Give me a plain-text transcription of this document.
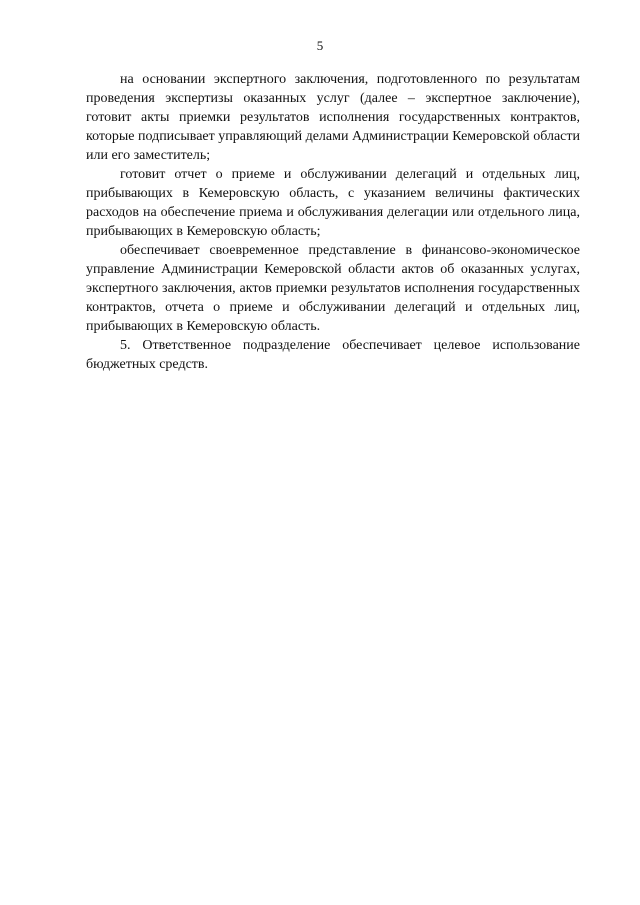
5

на основании экспертного заключения, подготовленного по результатам проведения экспертизы оказанных услуг (далее – экспертное заключение), готовит акты приемки результатов исполнения государственных контрактов, которые подписывает управляющий делами Администрации Кемеровской области или его заместитель;

готовит отчет о приеме и обслуживании делегаций и отдельных лиц, прибывающих в Кемеровскую область, с указанием величины фактических расходов на обеспечение приема и обслуживания делегации или отдельного лица, прибывающих в Кемеровскую область;

обеспечивает своевременное представление в финансово-экономическое управление Администрации Кемеровской области актов об оказанных услугах, экспертного заключения, актов приемки результатов исполнения государственных контрактов, отчета о приеме и обслуживании делегаций и отдельных лиц, прибывающих в Кемеровскую область.

5. Ответственное подразделение обеспечивает целевое использование бюджетных средств.
